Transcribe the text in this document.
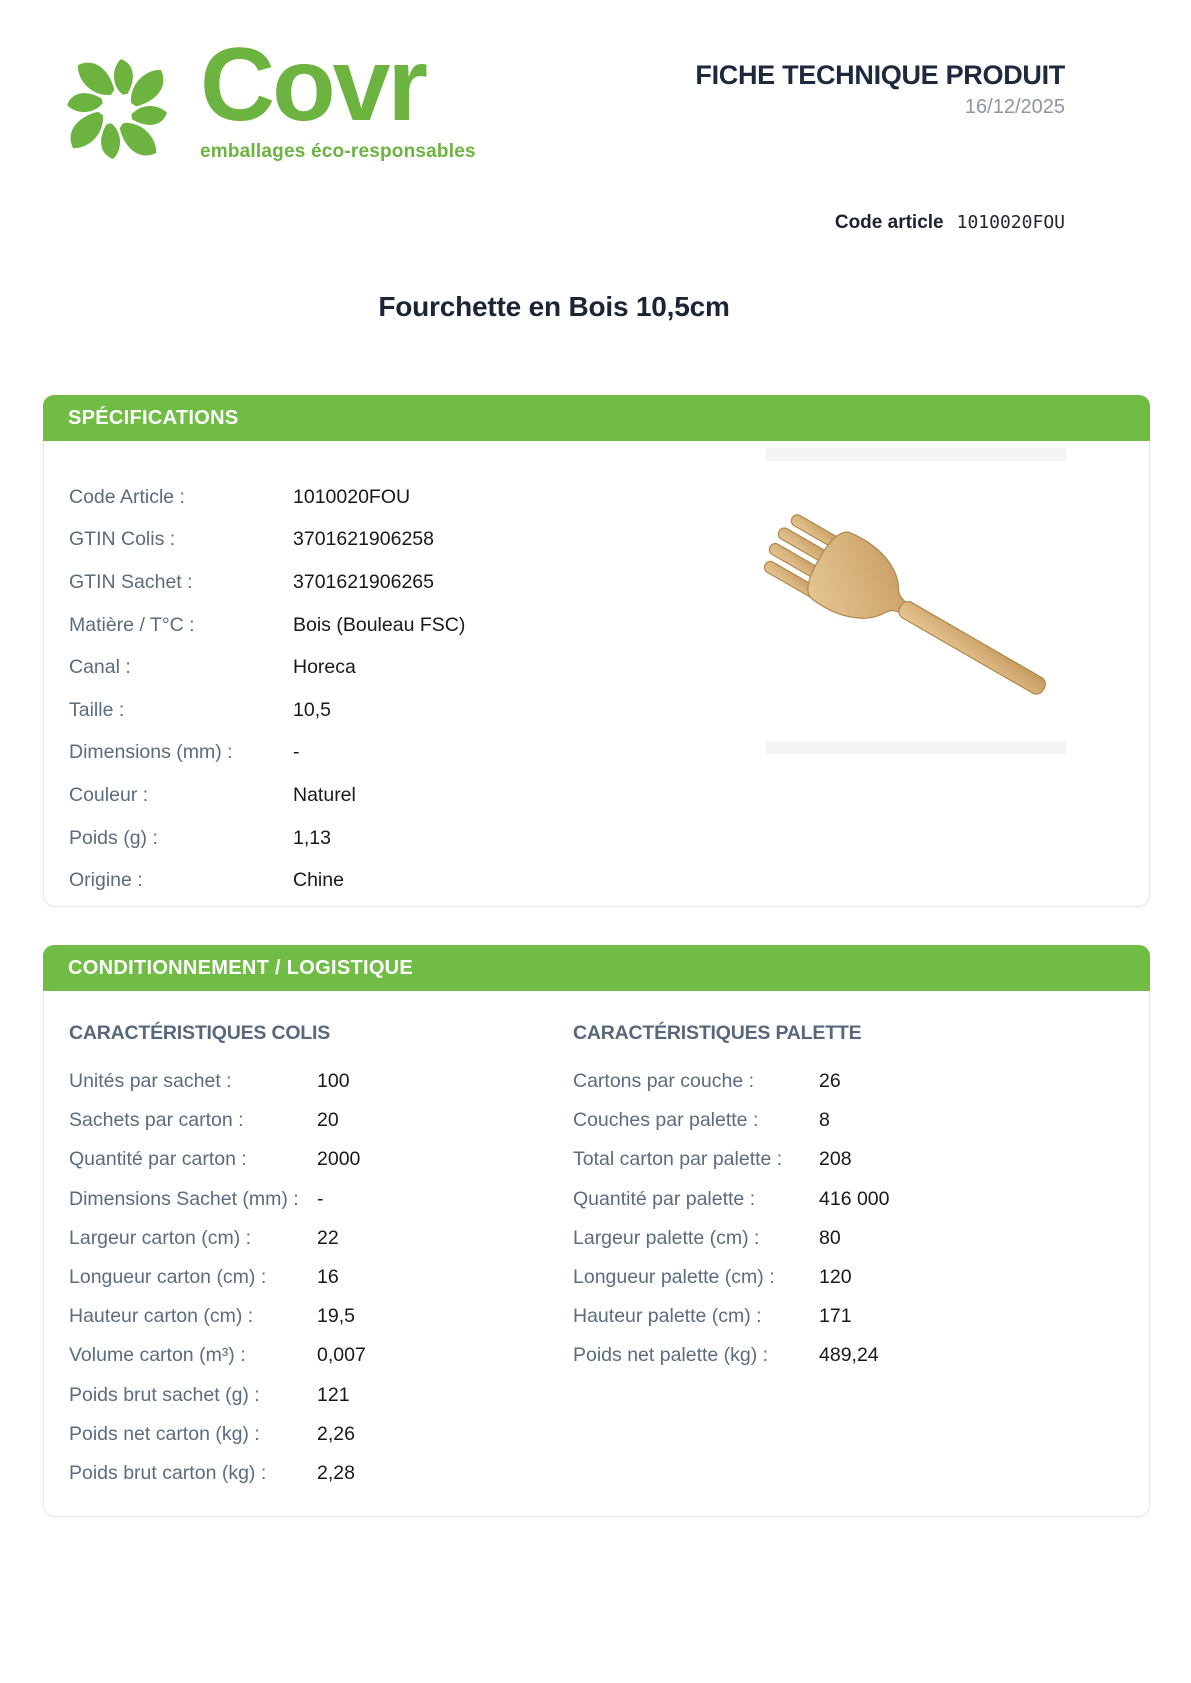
Covr
emballages éco-responsables
FICHE TECHNIQUE PRODUIT
16/12/2025
Code article 1010020FOU
Fourchette en Bois 10,5cm
SPÉCIFICATIONS
Code Article :	1010020FOU
GTIN Colis :	3701621906258
GTIN Sachet :	3701621906265
Matière / T°C :	Bois (Bouleau FSC)
Canal :	Horeca
Taille :	10,5
Dimensions (mm) :	-
Couleur :	Naturel
Poids (g) :	1,13
Origine :	Chine
CONDITIONNEMENT / LOGISTIQUE
CARACTÉRISTIQUES COLIS
Unités par sachet :	100
Sachets par carton :	20
Quantité par carton :	2000
Dimensions Sachet (mm) : -
Largeur carton (cm) :	22
Longueur carton (cm) :	16
Hauteur carton (cm) :	19,5
Volume carton (m³) :	0,007
Poids brut sachet (g) :	121
Poids net carton (kg) :	2,26
Poids brut carton (kg) :	2,28
CARACTÉRISTIQUES PALETTE
Cartons par couche :	26
Couches par palette :	8
Total carton par palette :	208
Quantité par palette :	416 000
Largeur palette (cm) :	80
Longueur palette (cm) :	120
Hauteur palette (cm) :	171
Poids net palette (kg) :	489,24
